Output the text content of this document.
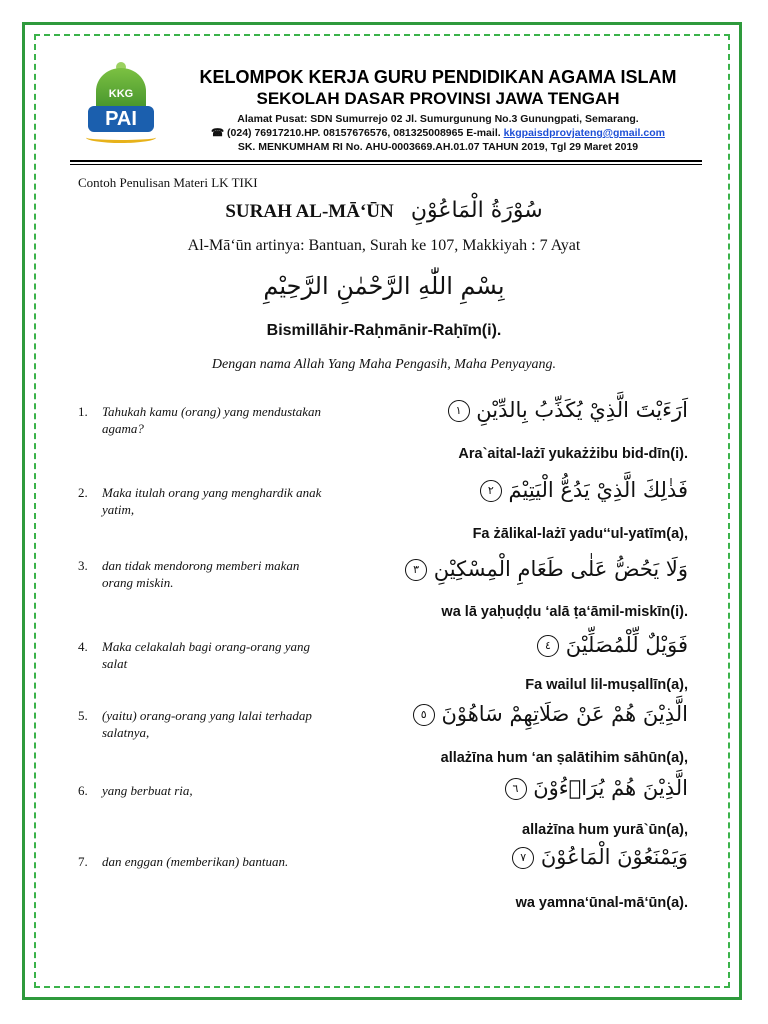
KKG
PAI
KELOMPOK KERJA GURU PENDIDIKAN AGAMA ISLAM
SEKOLAH DASAR PROVINSI JAWA TENGAH
Alamat Pusat: SDN Sumurrejo 02 Jl. Sumurgunung No.3 Gunungpati, Semarang.
☎ (024) 76917210.HP. 08157676576, 081325008965 E-mail. kkgpaisdprovjateng@gmail.com
SK. MENKUMHAM RI No. AHU-0003669.AH.01.07 TAHUN 2019, Tgl 29 Maret 2019
Contoh Penulisan Materi LK TIKI
SURAH AL-MĀ‘ŪN سُوْرَةُ الْمَاعُوْنِ
Al-Mā‘ūn artinya: Bantuan, Surah ke 107, Makkiyah : 7 Ayat
بِسْمِ اللّٰهِ الرَّحْمٰنِ الرَّحِيْمِ
Bismillāhir-Raḥmānir-Raḥīm(i).
Dengan nama Allah Yang Maha Pengasih, Maha Penyayang.
1. Tahukah kamu (orang) yang mendustakan agama?
اَرَءَيْتَ الَّذِيْ يُكَذِّبُ بِالدِّيْنِ ١
Ara`aital-lażī yukażżibu bid-dīn(i).
2. Maka itulah orang yang menghardik anak yatim,
فَذٰلِكَ الَّذِيْ يَدُعُّ الْيَتِيْمَ ٢
Fa żālikal-lażī yadu‘‘ul-yatīm(a),
3. dan tidak mendorong memberi makan orang miskin.
وَلَا يَحُضُّ عَلٰى طَعَامِ الْمِسْكِيْنِ ٣
wa lā yaḥuḍḍu ‘alā ṭa‘āmil-miskīn(i).
4. Maka celakalah bagi orang-orang yang salat
فَوَيْلٌ لِّلْمُصَلِّيْنَ ٤
Fa wailul lil-muṣallīn(a),
5. (yaitu) orang-orang yang lalai terhadap salatnya,
الَّذِيْنَ هُمْ عَنْ صَلَاتِهِمْ سَاهُوْنَ ٥
allażīna hum ‘an ṣalātihim sāhūn(a),
6. yang berbuat ria,	الَّذِيْنَ هُمْ يُرَاۤءُوْنَ ٦
allażīna hum yurā`ūn(a),
7. dan enggan (memberikan) bantuan.	وَيَمْنَعُوْنَ الْمَاعُوْنَ ٧
wa yamna‘ūnal-mā‘ūn(a).
